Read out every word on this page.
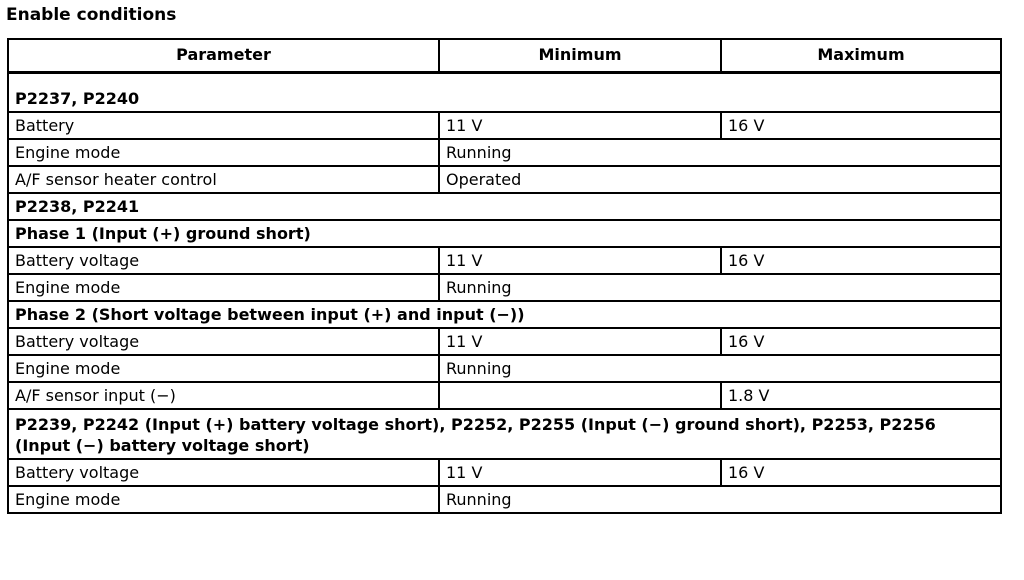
Enable conditions
Parameter	Minimum	Maximum
P2237, P2240		
Battery	11 V	16 V
Engine mode	Running	
A/F sensor heater control	Operated	
P2238, P2241		
Phase 1 (Input (+) ground short)		
Battery voltage	11 V	16 V
Engine mode	Running	
Phase 2 (Short voltage between input (+) and input (−))		
Battery voltage	11 V	16 V
Engine mode	Running	
A/F sensor input (−)		1.8 V
P2239, P2242 (Input (+) battery voltage short), P2252, P2255 (Input (−) ground short), P2253, P2256 (Input (−) battery voltage short)		
Battery voltage	11 V	16 V
Engine mode	Running	
